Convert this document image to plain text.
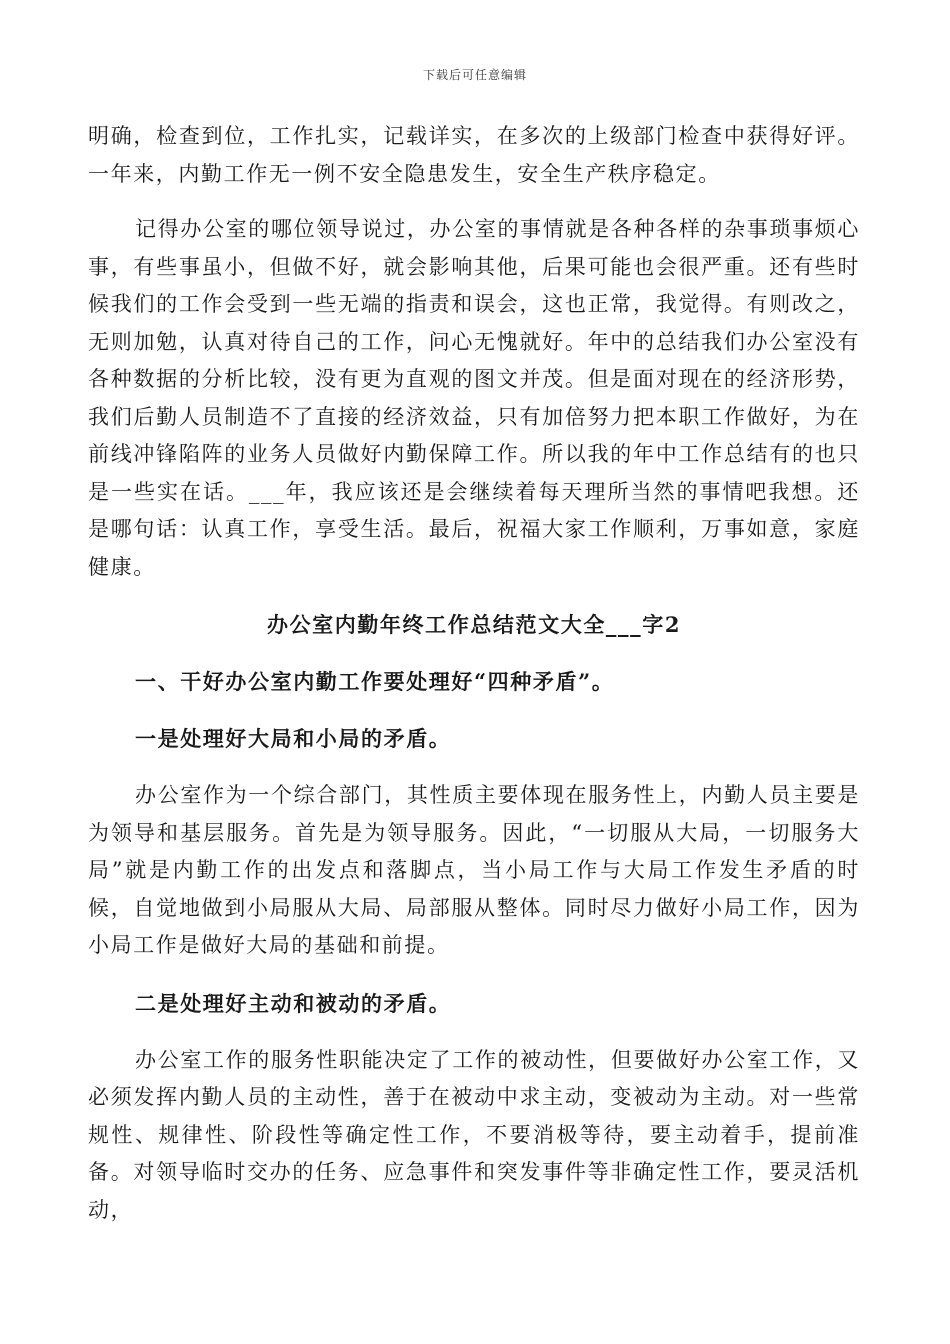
下载后可任意编辑

明确，检查到位，工作扎实，记载详实，在多次的上级部门检查中获得好评。一年来，内勤工作无一例不安全隐患发生，安全生产秩序稳定。

记得办公室的哪位领导说过，办公室的事情就是各种各样的杂事琐事烦心事，有些事虽小，但做不好，就会影响其他，后果可能也会很严重。还有些时候我们的工作会受到一些无端的指责和误会，这也正常，我觉得。有则改之，无则加勉，认真对待自己的工作，问心无愧就好。年中的总结我们办公室没有各种数据的分析比较，没有更为直观的图文并茂。但是面对现在的经济形势，我们后勤人员制造不了直接的经济效益，只有加倍努力把本职工作做好，为在前线冲锋陷阵的业务人员做好内勤保障工作。所以我的年中工作总结有的也只是一些实在话。___年，我应该还是会继续着每天理所当然的事情吧我想。还是哪句话：认真工作，享受生活。最后，祝福大家工作顺利，万事如意，家庭健康。

办公室内勤年终工作总结范文大全___字2

一、干好办公室内勤工作要处理好“四种矛盾”。

一是处理好大局和小局的矛盾。

办公室作为一个综合部门，其性质主要体现在服务性上，内勤人员主要是为领导和基层服务。首先是为领导服务。因此，“一切服从大局，一切服务大局”就是内勤工作的出发点和落脚点，当小局工作与大局工作发生矛盾的时候，自觉地做到小局服从大局、局部服从整体。同时尽力做好小局工作，因为小局工作是做好大局的基础和前提。

二是处理好主动和被动的矛盾。

办公室工作的服务性职能决定了工作的被动性，但要做好办公室工作，又必须发挥内勤人员的主动性，善于在被动中求主动，变被动为主动。对一些常规性、规律性、阶段性等确定性工作，不要消极等待，要主动着手，提前准备。对领导临时交办的任务、应急事件和突发事件等非确定性工作，要灵活机动，
